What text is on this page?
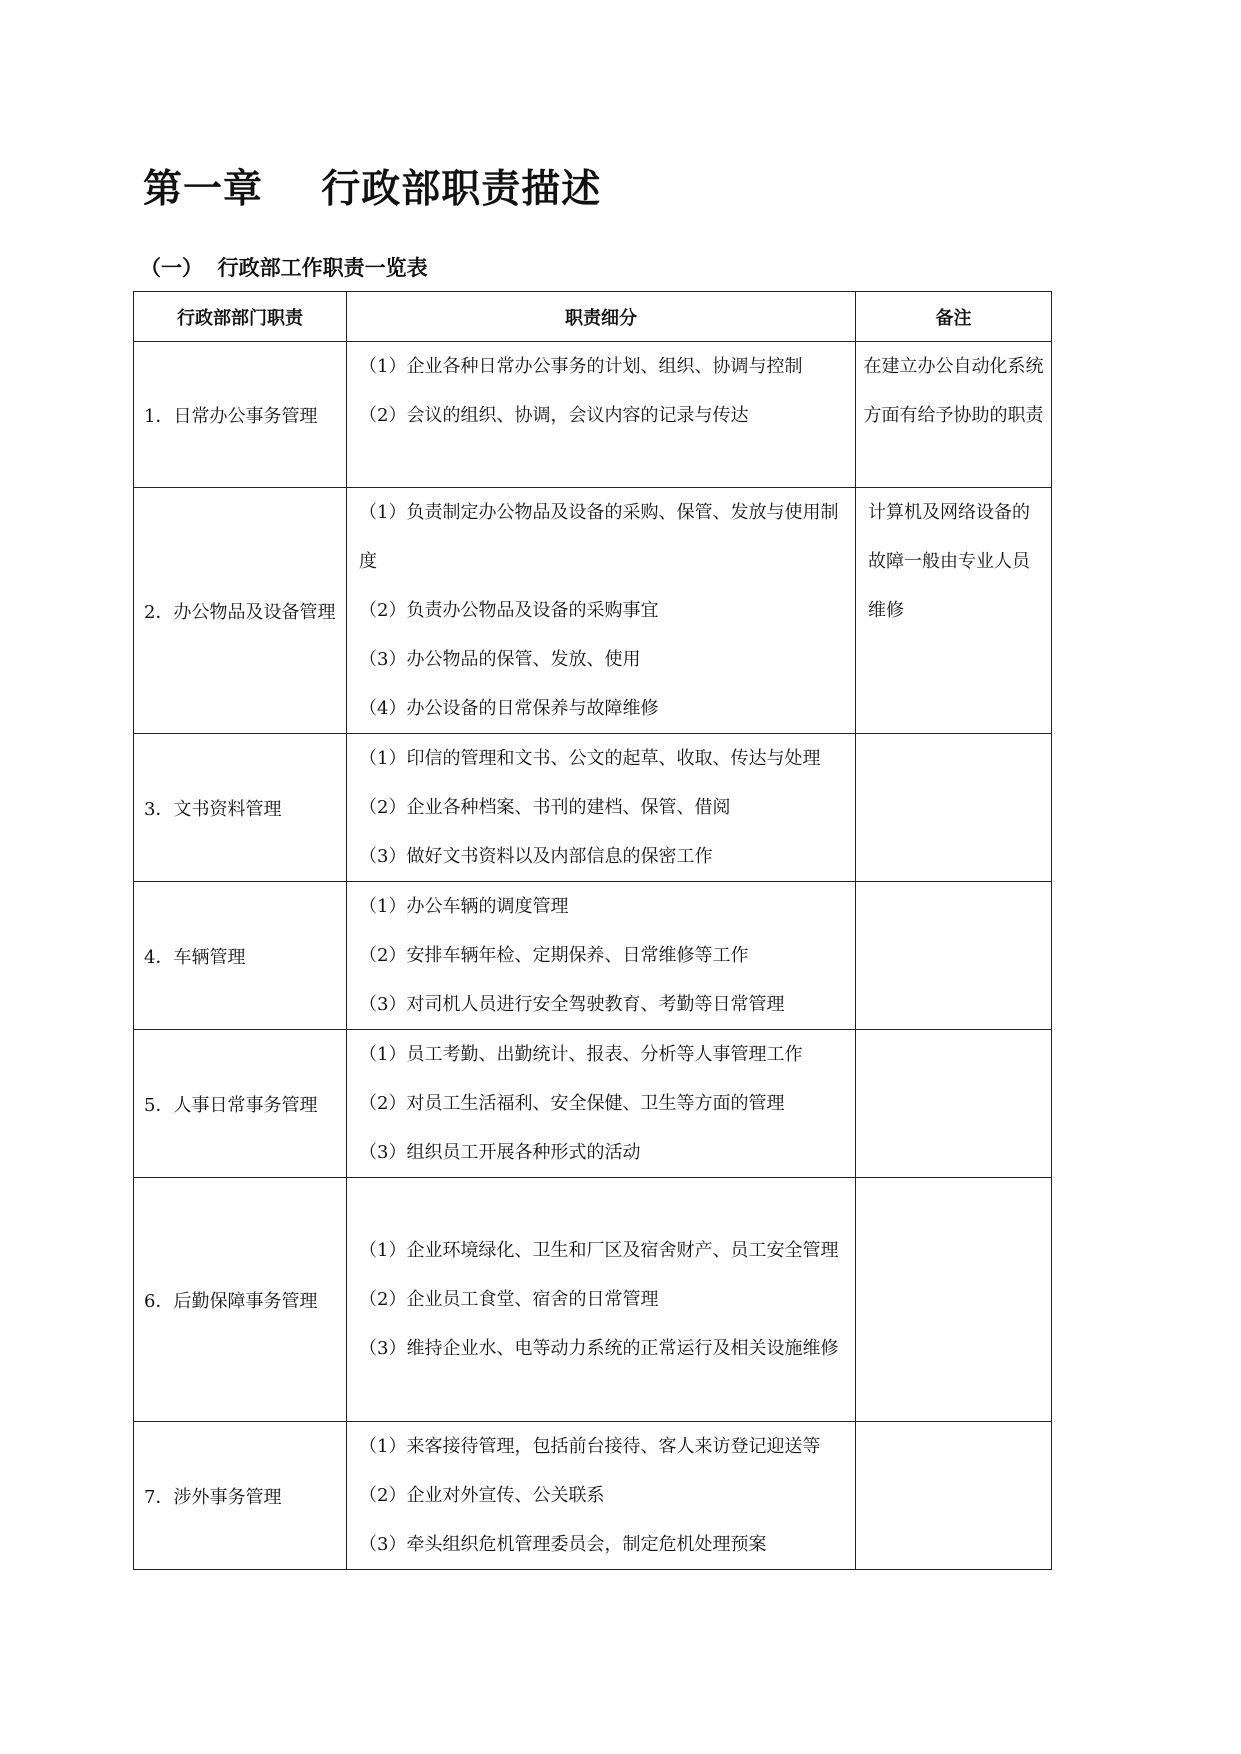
第一章    行政部职责描述
（一）  行政部工作职责一览表
行政部部门职责	职责细分	备注
1．日常办公事务管理	（1）企业各种日常办公事务的计划、组织、协调与控制
（2）会议的组织、协调，会议内容的记录与传达	在建立办公自动化系统方面有给予协助的职责

2．办公物品及设备管理	（1）负责制定办公物品及设备的采购、保管、发放与使用制度
（2）负责办公物品及设备的采购事宜
（3）办公物品的保管、发放、使用
（4）办公设备的日常保养与故障维修	计算机及网络设备的故障一般由专业人员维修

3．文书资料管理	（1）印信的管理和文书、公文的起草、收取、传达与处理
（2）企业各种档案、书刊的建档、保管、借阅
（3）做好文书资料以及内部信息的保密工作	

4．车辆管理	（1）办公车辆的调度管理
（2）安排车辆年检、定期保养、日常维修等工作
（3）对司机人员进行安全驾驶教育、考勤等日常管理	

5．人事日常事务管理	（1）员工考勤、出勤统计、报表、分析等人事管理工作
（2）对员工生活福利、安全保健、卫生等方面的管理
（3）组织员工开展各种形式的活动	

6．后勤保障事务管理	（1）企业环境绿化、卫生和厂区及宿舍财产、员工安全管理
（2）企业员工食堂、宿舍的日常管理
（3）维持企业水、电等动力系统的正常运行及相关设施维修	

7．涉外事务管理	（1）来客接待管理，包括前台接待、客人来访登记迎送等
（2）企业对外宣传、公关联系
（3）牵头组织危机管理委员会，制定危机处理预案	
